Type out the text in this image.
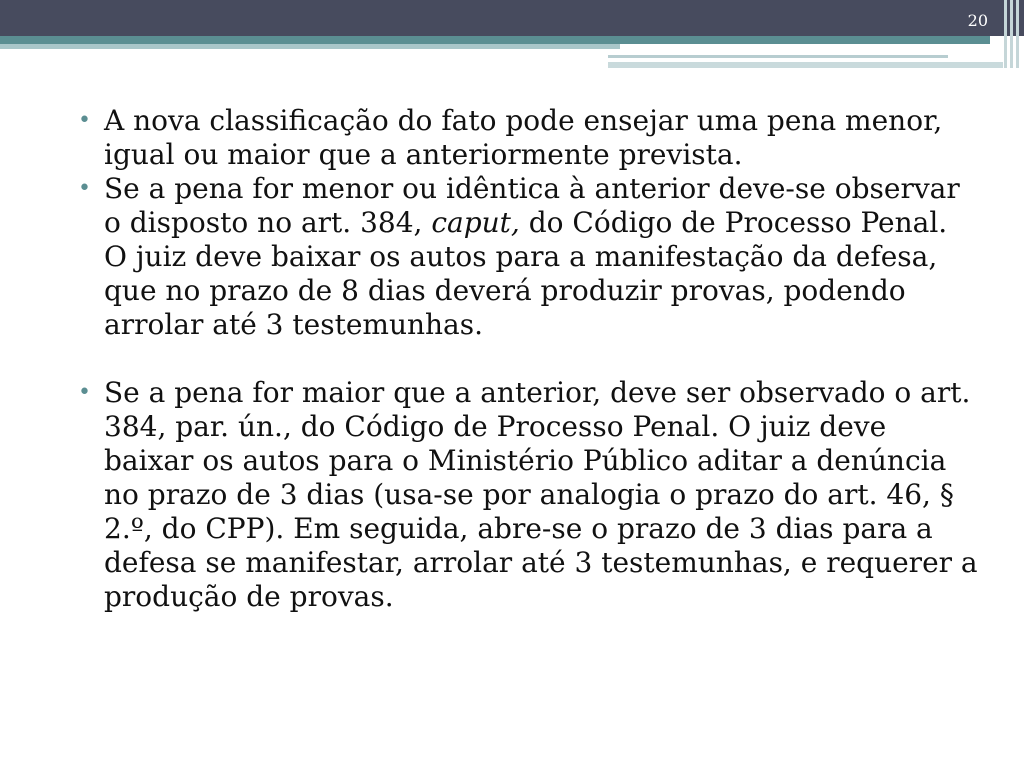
20

• A nova classificação do fato pode ensejar uma pena menor, igual ou maior que a anteriormente prevista.

• Se a pena for menor ou idêntica à anterior deve-se observar o disposto no art. 384, caput, do Código de Processo Penal. O juiz deve baixar os autos para a manifestação da defesa, que no prazo de 8 dias deverá produzir provas, podendo arrolar até 3 testemunhas.

• Se a pena for maior que a anterior, deve ser observado o art. 384, par. ún., do Código de Processo Penal. O juiz deve baixar os autos para o Ministério Público aditar a denúncia no prazo de 3 dias (usa-se por analogia o prazo do art. 46, § 2.º, do CPP). Em seguida, abre-se o prazo de 3 dias para a defesa se manifestar, arrolar até 3 testemunhas, e requerer a produção de provas.
